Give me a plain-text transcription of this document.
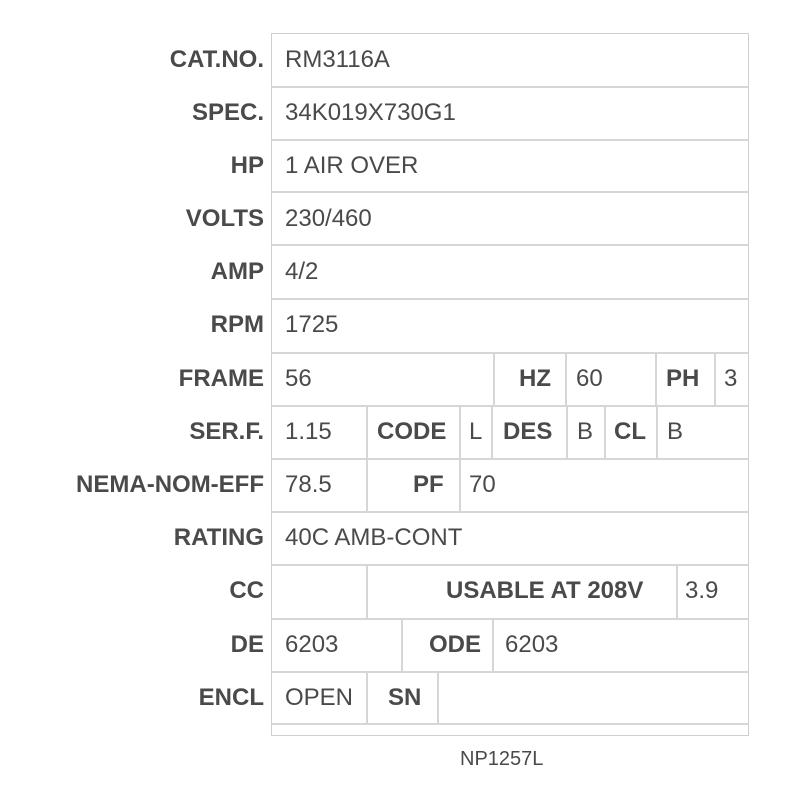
CAT.NO.
SPEC.
HP
VOLTS
AMP
RPM
FRAME
SER.F.
NEMA-NOM-EFF
RATING
CC
DE
ENCL
RM3116A
34K019X730G1
1 AIR OVER
230/460
4/2
1725
56
1.15
78.5
40C AMB-CONT
6203
OPEN
HZ 60	PH 3
CODE L DES B CL B
PF 70
USABLE AT 208V 3.9
ODE 6203
SN
NP1257L
